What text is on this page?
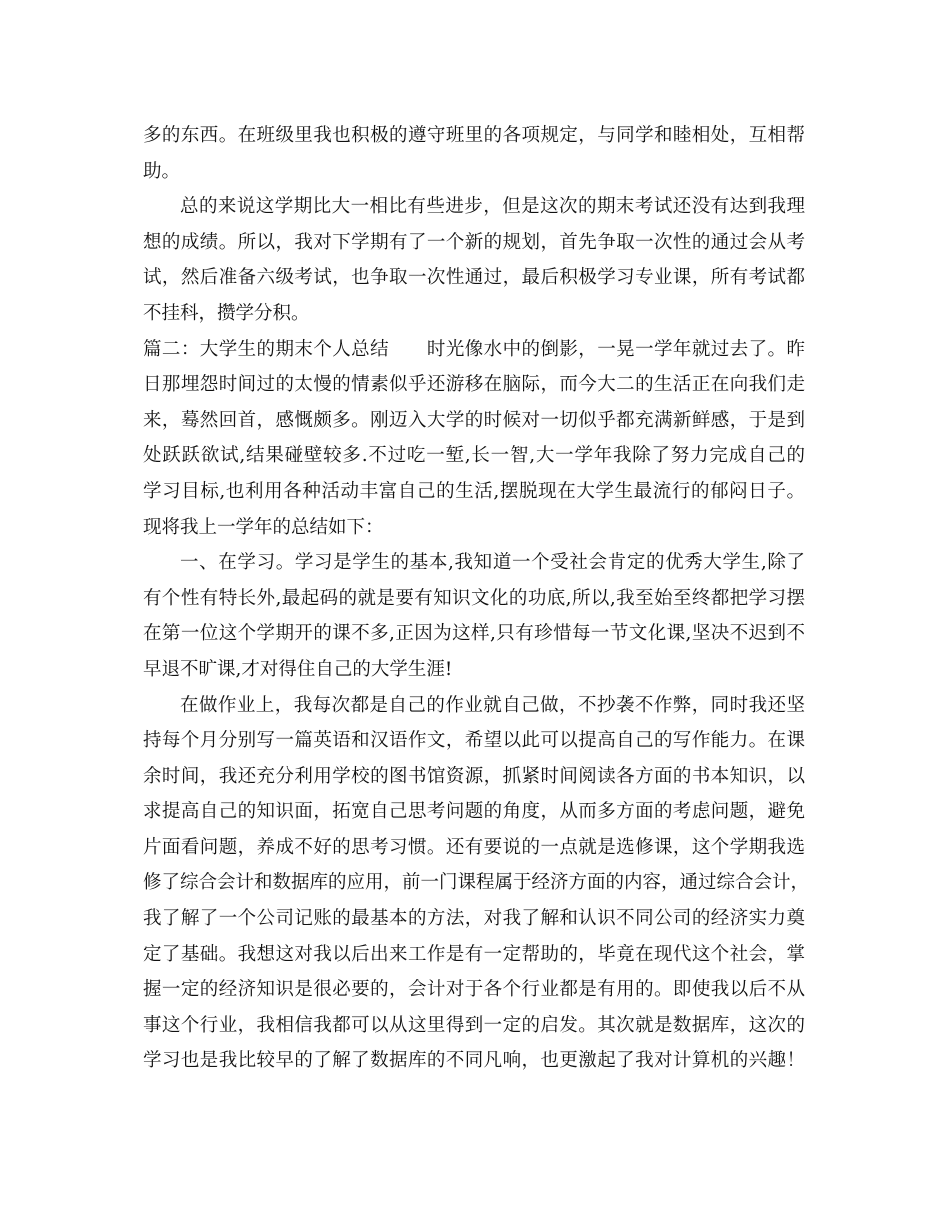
多的东西。在班级里我也积极的遵守班里的各项规定，与同学和睦相处，互相帮
助。
总的来说这学期比大一相比有些进步，但是这次的期末考试还没有达到我理
想的成绩。所以，我对下学期有了一个新的规划，首先争取一次性的通过会从考
试，然后准备六级考试，也争取一次性通过，最后积极学习专业课，所有考试都
不挂科，攒学分积。
篇二：大学生的期末个人总结　　时光像水中的倒影，一晃一学年就过去了。昨
日那埋怨时间过的太慢的情素似乎还游移在脑际，而今大二的生活正在向我们走
来，蓦然回首，感慨颇多。刚迈入大学的时候对一切似乎都充满新鲜感，于是到
处跃跃欲试,结果碰壁较多.不过吃一堑,长一智,大一学年我除了努力完成自己的
学习目标,也利用各种活动丰富自己的生活,摆脱现在大学生最流行的郁闷日子。
现将我上一学年的总结如下：
一、在学习。学习是学生的基本,我知道一个受社会肯定的优秀大学生,除了
有个性有特长外,最起码的就是要有知识文化的功底,所以,我至始至终都把学习摆
在第一位这个学期开的课不多,正因为这样,只有珍惜每一节文化课,坚决不迟到不
早退不旷课,才对得住自己的大学生涯!
在做作业上，我每次都是自己的作业就自己做，不抄袭不作弊，同时我还坚
持每个月分别写一篇英语和汉语作文，希望以此可以提高自己的写作能力。在课
余时间，我还充分利用学校的图书馆资源，抓紧时间阅读各方面的书本知识，以
求提高自己的知识面，拓宽自己思考问题的角度，从而多方面的考虑问题，避免
片面看问题，养成不好的思考习惯。还有要说的一点就是选修课，这个学期我选
修了综合会计和数据库的应用，前一门课程属于经济方面的内容，通过综合会计，
我了解了一个公司记账的最基本的方法，对我了解和认识不同公司的经济实力奠
定了基础。我想这对我以后出来工作是有一定帮助的，毕竟在现代这个社会，掌
握一定的经济知识是很必要的，会计对于各个行业都是有用的。即使我以后不从
事这个行业，我相信我都可以从这里得到一定的启发。其次就是数据库，这次的
学习也是我比较早的了解了数据库的不同凡响，也更激起了我对计算机的兴趣！
